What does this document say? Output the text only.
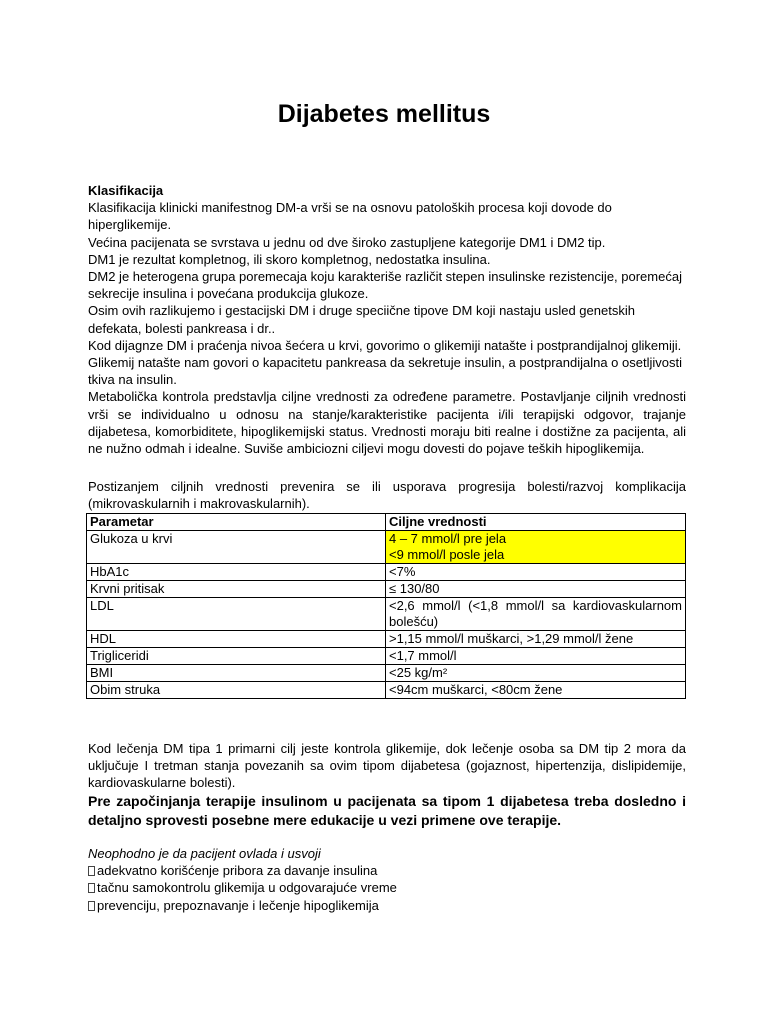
Dijabetes mellitus

Klasifikacija

Klasifikacija klinicki manifestnog DM-a vrši se na osnovu patoloških procesa koji dovode do hiperglikemije.

Većina pacijenata se svrstava u jednu od dve široko zastupljene kategorije DM1 i DM2 tip.

DM1 je rezultat kompletnog, ili skoro kompletnog, nedostatka insulina.

DM2 je heterogena grupa poremecaja koju karakteriše različit stepen insulinske rezistencije, poremećaj sekrecije insulina i povećana produkcija glukoze.

Osim ovih razlikujemo i gestacijski DM i druge speciične tipove DM koji nastaju usled genetskih defekata, bolesti pankreasa i dr..

Kod dijagnze DM i praćenja nivoa šećera u krvi, govorimo o glikemiji natašte i postprandijalnoj glikemiji. Glikemij natašte nam govori o kapacitetu pankreasa da sekretuje insulin, a postprandijalna o osetljivosti tkiva na insulin.

Metabolička kontrola predstavlja ciljne vrednosti za određene parametre. Postavljanje ciljnih vrednosti vrši se individualno u odnosu na stanje/karakteristike pacijenta i/ili terapijski odgovor, trajanje dijabetesa, komorbiditete, hipoglikemijski status. Vrednosti moraju biti realne i dostižne za pacijenta, ali ne nužno odmah i idealne. Suviše ambiciozni ciljevi mogu dovesti do pojave teških hipoglikemija.

Postizanjem ciljnih vrednosti prevenira se ili usporava progresija bolesti/razvoj komplikacija (mikrovaskularnih i makrovaskularnih).

Parametar	Ciljne vrednosti
Glukoza u krvi	4 – 7 mmol/l pre jela
<9 mmol/l posle jela

HbA1c	<7%
Krvni pritisak	≤ 130/80
LDL	<2,6 mmol/l (<1,8 mmol/l sa kardiovaskularnom bolešću)
HDL	>1,15 mmol/l muškarci, >1,29 mmol/l žene
Trigliceridi	<1,7 mmol/l
BMI	<25 kg/m²
Obim struka	<94cm muškarci, <80cm žene

Kod lečenja DM tipa 1 primarni cilj jeste kontrola glikemije, dok lečenje osoba sa DM tip 2 mora da uključuje I tretman stanja povezanih sa ovim tipom dijabetesa (gojaznost, hipertenzija, dislipidemije, kardiovaskularne bolesti).

Pre započinjanja terapije insulinom u pacijenata sa tipom 1 dijabetesa treba dosledno i detaljno sprovesti posebne mere edukacije u vezi primene ove terapije.

Neophodno je da pacijent ovlada i usvoji

adekvatno korišćenje pribora za davanje insulina

tačnu samokontrolu glikemija u odgovarajuće vreme

prevenciju, prepoznavanje i lečenje hipoglikemija
